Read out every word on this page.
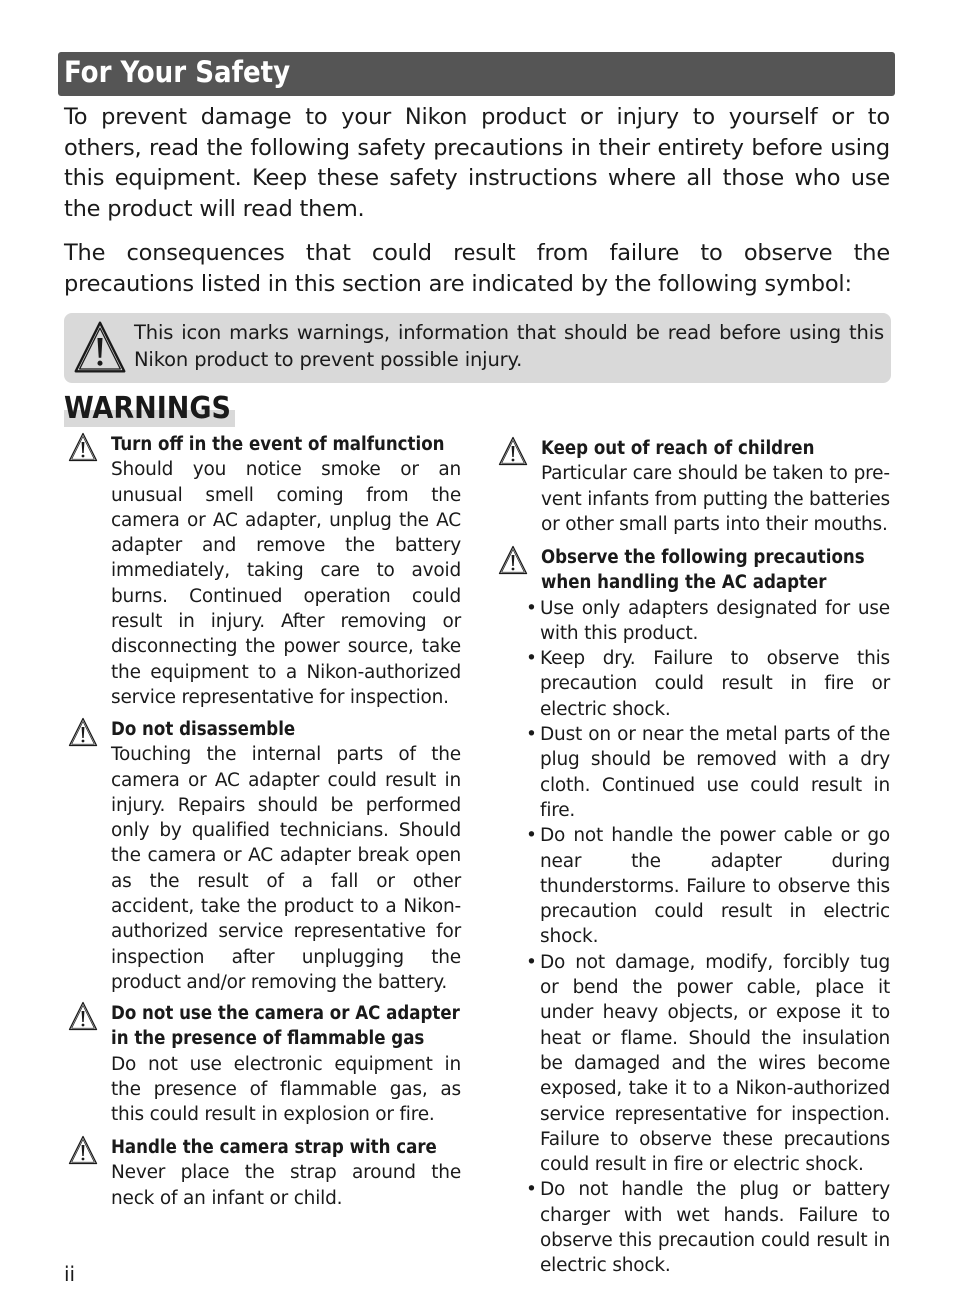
For Your Safety

To prevent damage to your Nikon product or injury to yourself or to others, read the following safety precautions in their entirety before using this equipment. Keep these safety instructions where all those who use the product will read them.

The consequences that could result from failure to observe the precautions listed in this section are indicated by the following symbol:

This icon marks warnings, information that should be read before using this Nikon product to prevent possible injury.

WARNINGS
Turn off in the event of malfunction

Should you notice smoke or an unusual smell coming from the camera or AC adapter, unplug the AC adapter and remove the battery immediately, taking care to avoid burns. Continued operation could result in injury. After removing or disconnecting the power source, take the equipment to a Nikon-authorized service representative for inspection.

Do not disassemble

Touching the internal parts of the camera or AC adapter could result in injury. Repairs should be performed only by qualified technicians. Should the camera or AC adapter break open as the result of a fall or other accident, take the product to a Nikon-authorized service representative for inspection after unplugging the product and/or removing the battery.

Do not use the camera or AC adapter in the presence of flammable gas

Do not use electronic equipment in the presence of flammable gas, as this could result in explosion or fire.

Handle the camera strap with care

Never place the strap around the neck of an infant or child.

Keep out of reach of children

Particular care should be taken to prevent infants from putting the batteries or other small parts into their mouths.

Observe the following precautions when handling the AC adapter
• Use only adapters designated for use with this product.
• Keep dry. Failure to observe this precaution could result in fire or electric shock.
• Dust on or near the metal parts of the plug should be removed with a dry cloth. Continued use could result in fire.
• Do not handle the power cable or go near the adapter during thunderstorms. Failure to observe this precaution could result in electric shock.
• Do not damage, modify, forcibly tug or bend the power cable, place it under heavy objects, or expose it to heat or flame. Should the insulation be damaged and the wires become exposed, take it to a Nikon-authorized service representative for inspection. Failure to observe these precautions could result in fire or electric shock.
• Do not handle the plug or battery charger with wet hands. Failure to observe this precaution could result in electric shock.
ii
